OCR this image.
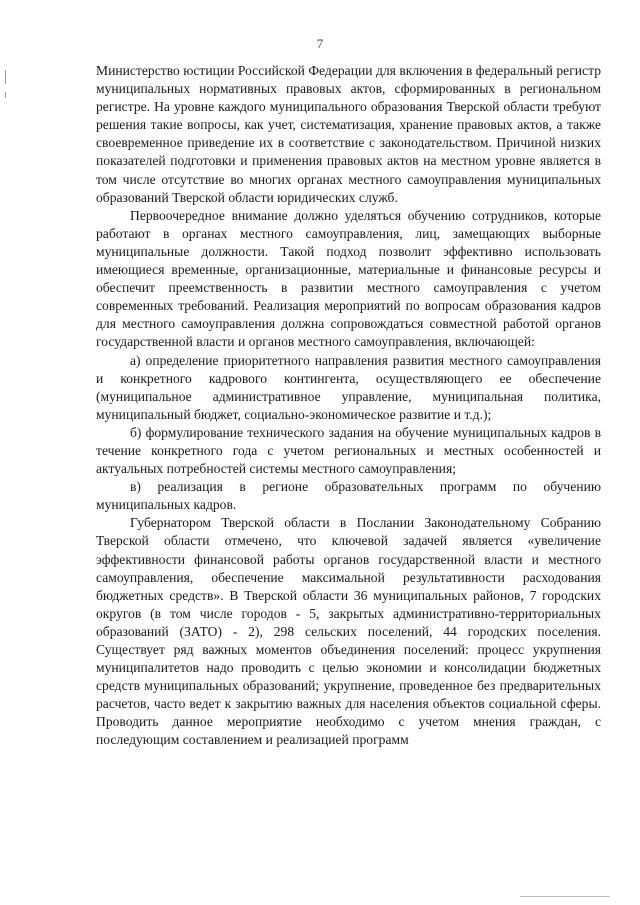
7

Министерство юстиции Российской Федерации для включения в федеральный регистр муниципальных нормативных правовых актов, сформированных в региональном регистре. На уровне каждого муниципального образования Тверской области требуют решения такие вопросы, как учет, систематизация, хранение правовых актов, а также своевременное приведение их в соответствие с законодательством. Причиной низких показателей подготовки и применения правовых актов на местном уровне является в том числе отсутствие во многих органах местного самоуправления муниципальных образований Тверской области юридических служб.

Первоочередное внимание должно уделяться обучению сотрудников, которые работают в органах местного самоуправления, лиц, замещающих выборные муниципальные должности. Такой подход позволит эффективно использовать имеющиеся временные, организационные, материальные и финансовые ресурсы и обеспечит преемственность в развитии местного самоуправления с учетом современных требований. Реализация мероприятий по вопросам образования кадров для местного самоуправления должна сопровождаться совместной работой органов государственной власти и органов местного самоуправления, включающей:

а) определение приоритетного направления развития местного самоуправления и конкретного кадрового контингента, осуществляющего ее обеспечение (муниципальное административное управление, муниципальная политика, муниципальный бюджет, социально-экономическое развитие и т.д.);

б) формулирование технического задания на обучение муниципальных кадров в течение конкретного года с учетом региональных и местных особенностей и актуальных потребностей системы местного самоуправления;

в) реализация в регионе образовательных программ по обучению муниципальных кадров.

Губернатором Тверской области в Послании Законодательному Собранию Тверской области отмечено, что ключевой задачей является «увеличение эффективности финансовой работы органов государственной власти и местного самоуправления, обеспечение максимальной результативности расходования бюджетных средств». В Тверской области 36 муниципальных районов, 7 городских округов (в том числе городов - 5, закрытых административно-территориальных образований (ЗАТО) - 2), 298 сельских поселений, 44 городских поселения. Существует ряд важных моментов объединения поселений: процесс укрупнения муниципалитетов надо проводить с целью экономии и консолидации бюджетных средств муниципальных образований; укрупнение, проведенное без предварительных расчетов, часто ведет к закрытию важных для населения объектов социальной сферы. Проводить данное мероприятие необходимо с учетом мнения граждан, с последующим составлением и реализацией программ
